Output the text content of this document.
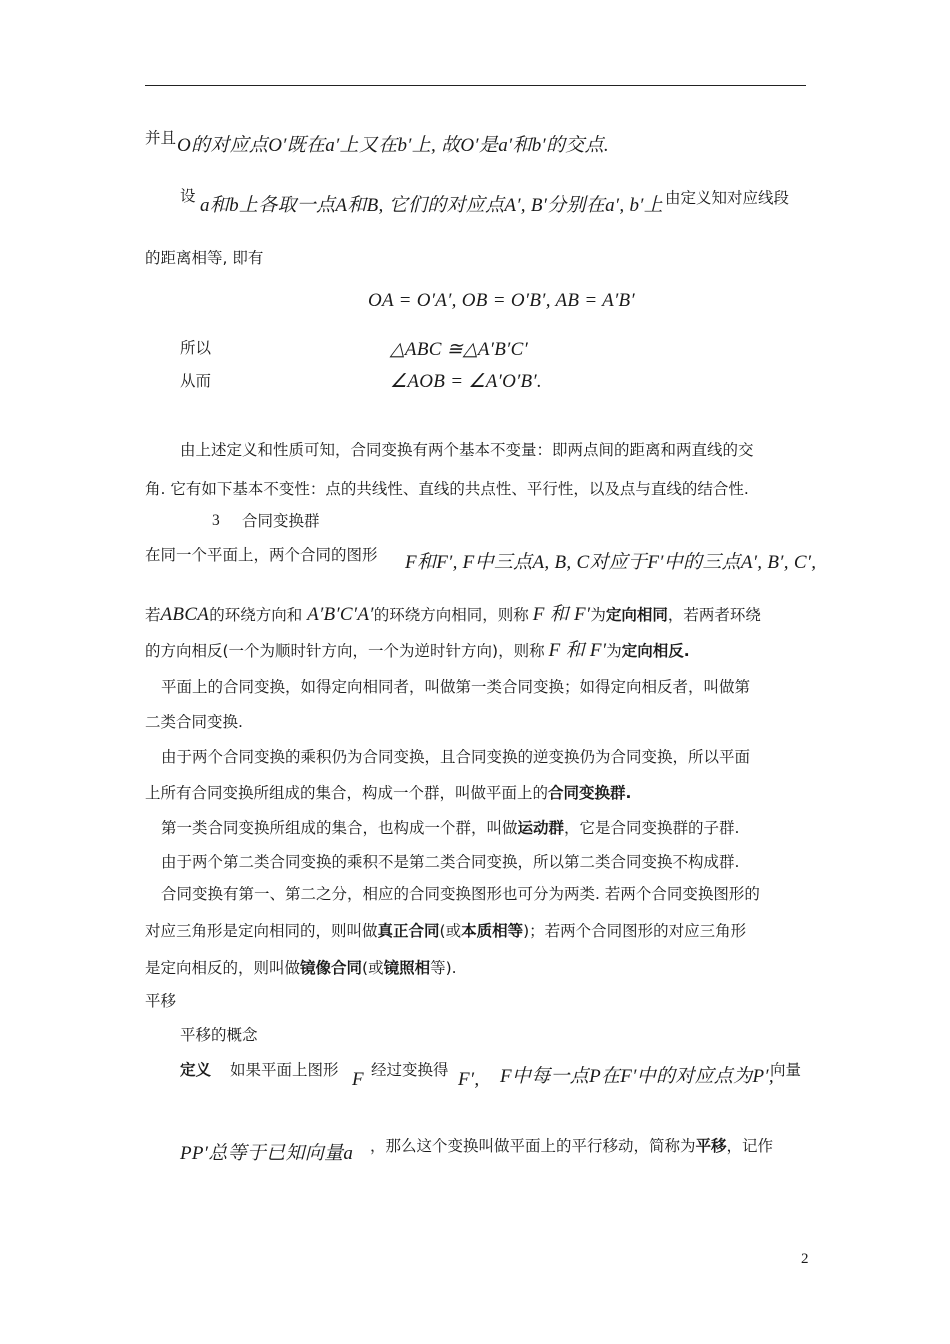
并且 O的对应点O′既在a′上又在b′上, 故O′是a′和b′的交点.
设 a和b上各取一点A和B, 它们的对应点A′, B′分别在a′, b′上 由定义知对应线段
的距离相等, 即有
OA = O′A′, OB = O′B′, AB = A′B′
所以	△ABC ≅△A′B′C′
从而	∠AOB = ∠A′O′B′.
由上述定义和性质可知，合同变换有两个基本不变量：即两点间的距离和两直线的交
角. 它有如下基本不变性：点的共线性、直线的共点性、平行性，以及点与直线的结合性.
3 合同变换群
在同一个平面上，两个合同的图形 F和F′, F中三点A, B, C对应于F′中的三点A′, B′, C′,
若ABCA的环绕方向和 A′B′C′A′的环绕方向相同，则称 F 和 F′为定向相同，若两者环绕
的方向相反(一个为顺时针方向，一个为逆时针方向)，则称 F 和 F′为定向相反.
平面上的合同变换，如得定向相同者，叫做第一类合同变换；如得定向相反者，叫做第
二类合同变换.
由于两个合同变换的乘积仍为合同变换，且合同变换的逆变换仍为合同变换，所以平面
上所有合同变换所组成的集合，构成一个群，叫做平面上的合同变换群.
第一类合同变换所组成的集合，也构成一个群，叫做运动群，它是合同变换群的子群.
由于两个第二类合同变换的乘积不是第二类合同变换，所以第二类合同变换不构成群.
合同变换有第一、第二之分，相应的合同变换图形也可分为两类. 若两个合同变换图形的
对应三角形是定向相同的，则叫做真正合同(或本质相等)；若两个合同图形的对应三角形
是定向相反的，则叫做镜像合同(或镜照相等).
平移
平移的概念
定义 如果平面上图形 F 经过变换得 F′, F中每一点P在F′中的对应点为P′,
向量
PP′总等于已知向量a ，那么这个变换叫做平面上的平行移动，简称为平移，记作
2
